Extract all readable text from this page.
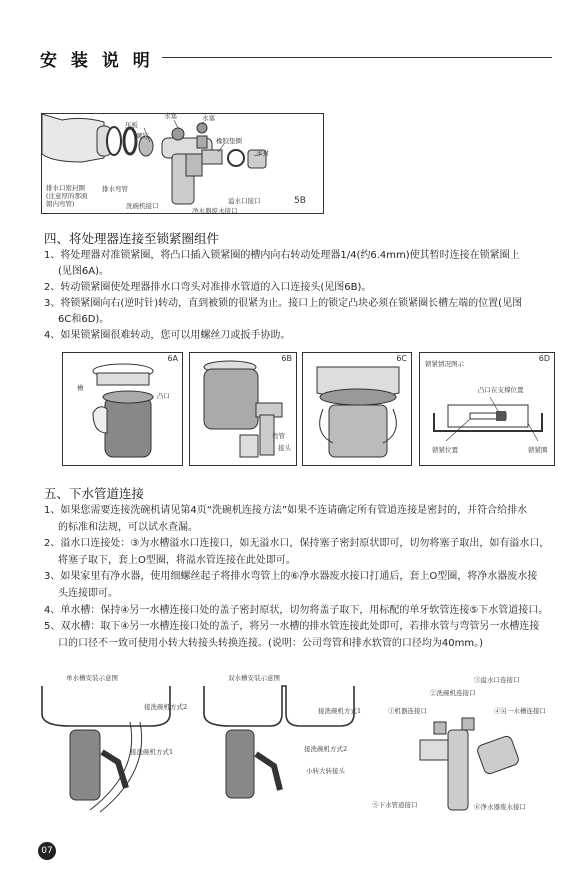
安 装 说 明
压板
螺钉
水塞	水塞
橡胶垫圈
水封
排水口密封圈
(注意厚的那面
朝内弯管)
排水弯管
洗碗机接口
溢水口接口
净水器废水接口
5B
四、将处理器连接至锁紧圈组件
1、将处理器对准锁紧圈，将凸口插入锁紧圈的槽内向右转动处理器1/4(约6.4mm)使其暂时连接在锁紧圈上
(见图6A)。
2、转动锁紧圈使处理器排水口弯头对准排水管道的入口连接头(见图6B)。
3、将锁紧圈向右(逆时针)转动，直到被锁的很紧为止。接口上的锁定凸块必须在锁紧圈长槽左端的位置(见图
6C和6D)。
4、如果锁紧圈很难转动，您可以用螺丝刀或扳手协助。
6A
槽
凸口
6B
弯管
接头
6C	6D
锁紧情况图示
凸口在支撑位置
锁紧位置	锁紧圈
五、下水管道连接
1、如果您需要连接洗碗机请见第4页“洗碗机连接方法”如果不连请确定所有管道连接是密封的，并符合给排水
的标准和法规，可以试水查漏。
2、溢水口连接处：③为水槽溢水口连接口，如无溢水口，保持塞子密封原状即可，切勿将塞子取出，如有溢水口，
将塞子取下，套上O型圈，将溢水管连接在此处即可。
3、如果家里有净水器，使用细螺丝起子将排水弯管上的⑥净水器废水接口打通后，套上O型圈，将净水器废水接
头连接即可。
4、单水槽：保持④另一水槽连接口处的盖子密封原状，切勿将盖子取下，用标配的单牙软管连接⑤下水管道接口。
5、双水槽：取下④另一水槽连接口处的盖子，将另一水槽的排水管连接此处即可，若排水管与弯管另一水槽连接
口的口径不一致可使用小转大转接头转换连接。(说明：公司弯管和排水软管的口径均为40mm。)
单水槽安装示意图	双水槽安装示意图
接洗碗机方式2
接洗碗机方式1
接洗碗机方式1
接洗碗机方式2
小转大转接头
①机器连接口
②洗碗机连接口
③溢水口连接口
④另一水槽连接口
⑤下水管道接口	⑥净水器废水接口
07
